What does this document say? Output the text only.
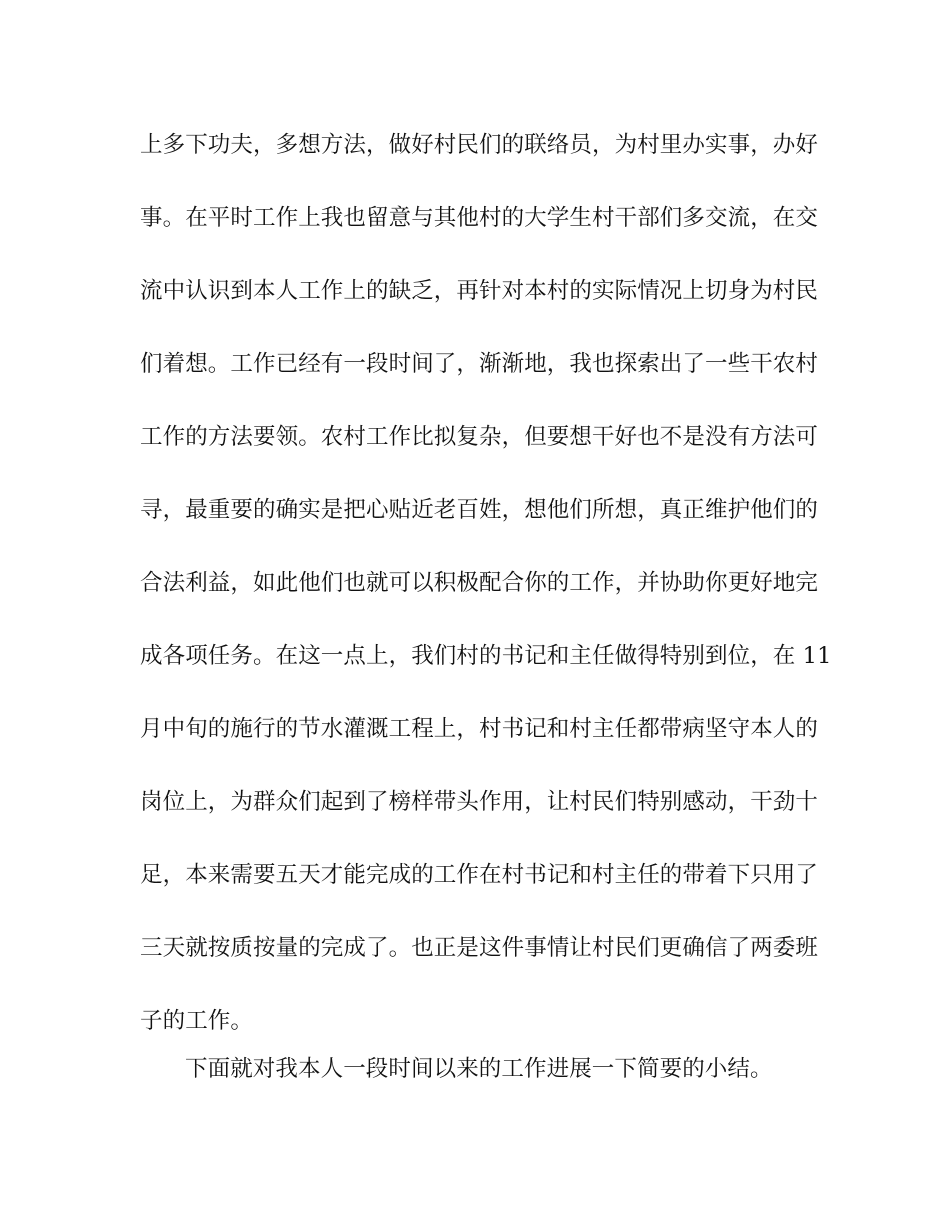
上多下功夫，多想方法，做好村民们的联络员，为村里办实事，办好
事。在平时工作上我也留意与其他村的大学生村干部们多交流，在交
流中认识到本人工作上的缺乏，再针对本村的实际情况上切身为村民
们着想。工作已经有一段时间了，渐渐地，我也探索出了一些干农村
工作的方法要领。农村工作比拟复杂，但要想干好也不是没有方法可
寻，最重要的确实是把心贴近老百姓，想他们所想，真正维护他们的
合法利益，如此他们也就可以积极配合你的工作，并协助你更好地完
成各项任务。在这一点上，我们村的书记和主任做得特别到位，在 11
月中旬的施行的节水灌溉工程上，村书记和村主任都带病坚守本人的
岗位上，为群众们起到了榜样带头作用，让村民们特别感动，干劲十
足，本来需要五天才能完成的工作在村书记和村主任的带着下只用了
三天就按质按量的完成了。也正是这件事情让村民们更确信了两委班
子的工作。
下面就对我本人一段时间以来的工作进展一下简要的小结。
